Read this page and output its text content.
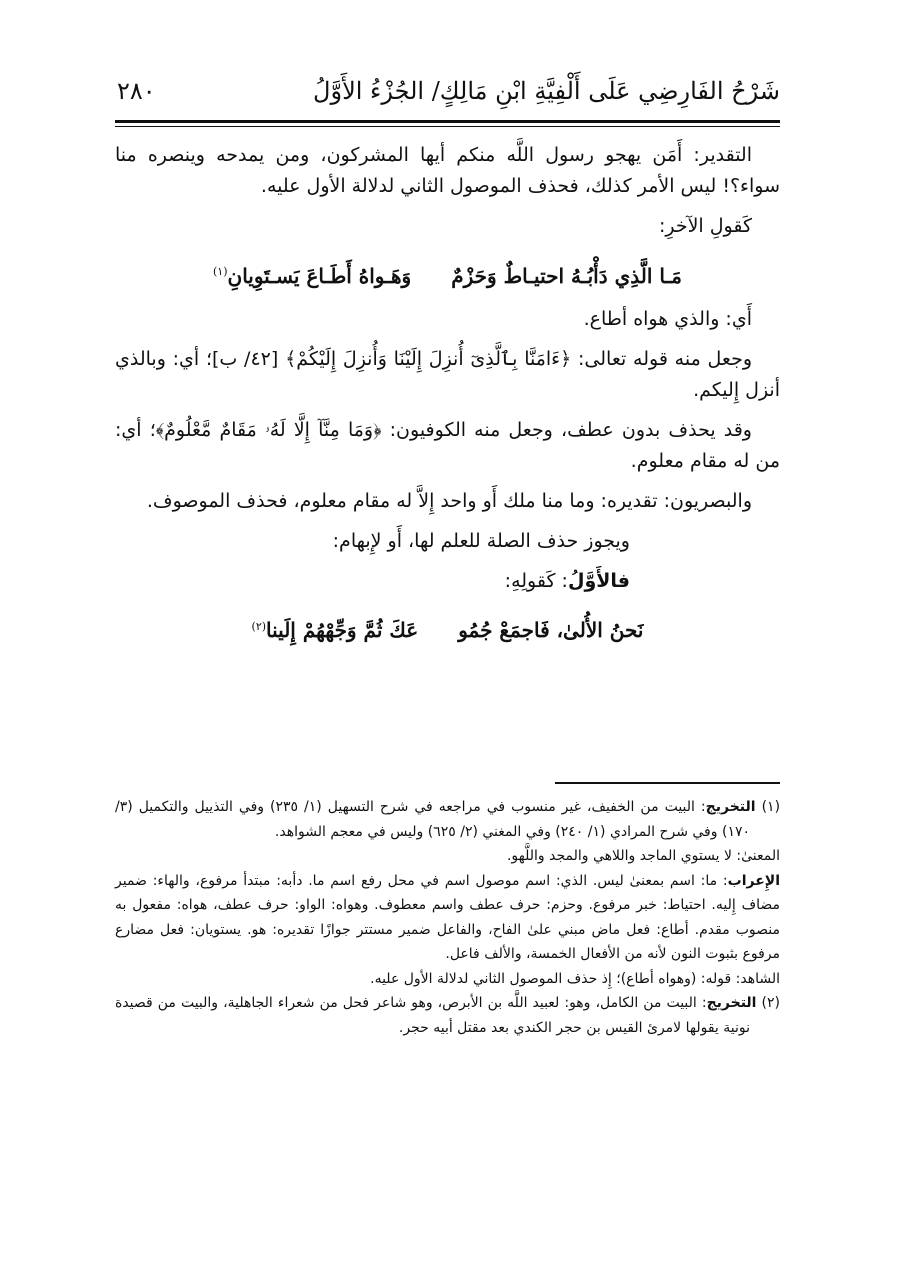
شَرْحُ الفَارِضِي عَلَى أَلْفِيَّةِ ابْنِ مَالِكٍ/ الجُزْءُ الأَوَّلُ
٢٨٠

التقدير: أَمَن يهجو رسول اللَّه منكم أيها المشركون، ومن يمدحه وينصره منا سواء؟! ليس الأمر كذلك، فحذف الموصول الثاني لدلالة الأول عليه.

كَقولِ الآخرِ:

مَـا الَّذِي دَأْبُـهُ احتيـاطٌ وَحَزْمٌوَهَـواهُ أَطَـاعَ يَسـتَوِيانِ$^{(١)}$

أَي: والذي هواه أطاع.

وجعل منه قوله تعالى: ﴿ءَامَنَّا بِٱلَّذِىٓ أُنزِلَ إِلَيْنَا وَأُنزِلَ إِلَيْكُمْ﴾ [٤٢/ ب]؛ أي: وبالذي أنزل إِليكم.

وقد يحذف بدون عطف، وجعل منه الكوفيون: ﴿وَمَا مِنَّآ إِلَّا لَهُۥ مَقَامٌ مَّعْلُومٌ﴾؛ أي: من له مقام معلوم.

والبصريون: تقديره: وما منا ملك أَو واحد إِلاَّ له مقام معلوم، فحذف الموصوف.

ويجوز حذف الصلة للعلم لها، أَو لإِبهام:

فالأَوَّلُ: كَقولِهِ:

نَحنُ الأُلىٰ، فَاجمَعْ جُمُوعَكَ ثُمَّ وَجِّهْهُمْ إِلَينا$^{(٢)}$

(١) التخريج: البيت من الخفيف، غير منسوب في مراجعه في شرح التسهيل (١/ ٢٣٥) وفي التذييل والتكميل (٣/ ١٧٠) وفي شرح المرادي (١/ ٢٤٠) وفي المغني (٢/ ٦٢٥) وليس في معجم الشواهد.

المعنىٰ: لا يستوي الماجد واللاهي والمجد واللَّهو.

الإِعراب: ما: اسم بمعنىٰ ليس. الذي: اسم موصول اسم في محل رفع اسم ما. دأبه: مبتدأ مرفوع، والهاء: ضمير مضاف إِليه. احتياط: خبر مرفوع. وحزم: حرف عطف واسم معطوف. وهواه: الواو: حرف عطف، هواه: مفعول به منصوب مقدم. أطاع: فعل ماض مبني علىٰ الفاح، والفاعل ضمير مستتر جوازًا تقديره: هو. يستويان: فعل مضارع مرفوع بثبوت النون لأنه من الأفعال الخمسة، والألف فاعل.

الشاهد: قوله: (وهواه أطاع)؛ إِذ حذف الموصول الثاني لدلالة الأول عليه.

(٢) التخريج: البيت من الكامل، وهو: لعبيد اللَّه بن الأبرص، وهو شاعر فحل من شعراء الجاهلية، والبيت من قصيدة نونية يقولها لامرئ القيس بن حجر الكندي بعد مقتل أبيه حجر.
